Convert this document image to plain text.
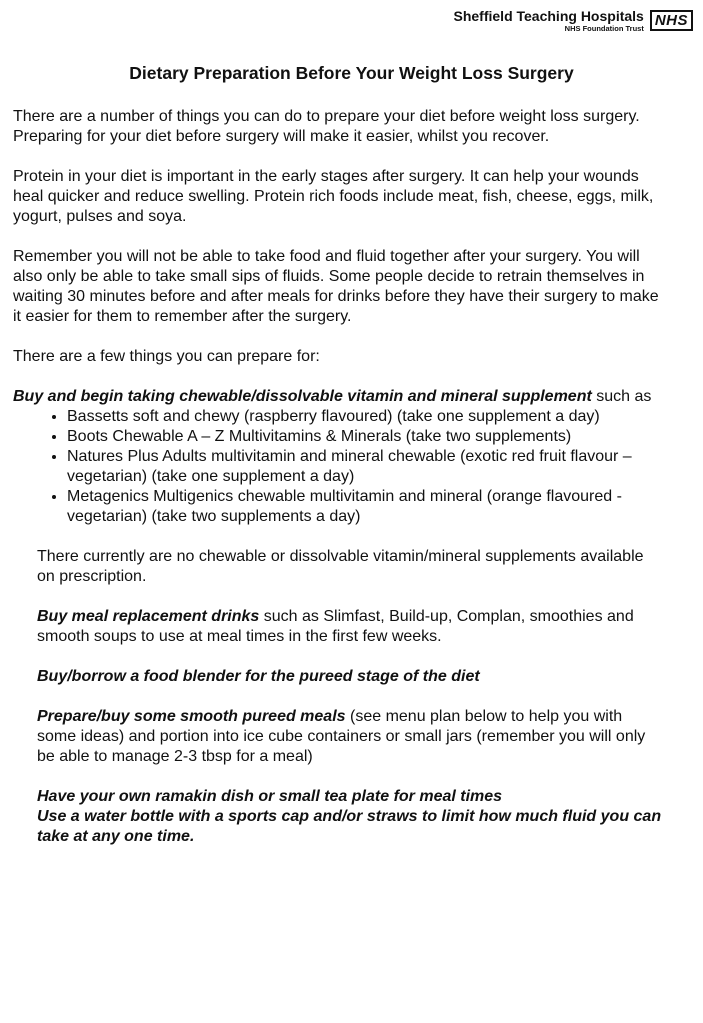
Sheffield Teaching Hospitals
NHS Foundation Trust NHS
Dietary Preparation Before Your Weight Loss Surgery

There are a number of things you can do to prepare your diet before weight loss surgery. Preparing for your diet before surgery will make it easier, whilst you recover.

Protein in your diet is important in the early stages after surgery. It can help your wounds heal quicker and reduce swelling. Protein rich foods include meat, fish, cheese, eggs, milk, yogurt, pulses and soya.

Remember you will not be able to take food and fluid together after your surgery. You will also only be able to take small sips of fluids. Some people decide to retrain themselves in waiting 30 minutes before and after meals for drinks before they have their surgery to make it easier for them to remember after the surgery.

There are a few things you can prepare for:

Buy and begin taking chewable/dissolvable vitamin and mineral supplement such as

• Bassetts soft and chewy (raspberry flavoured) (take one supplement a day)
• Boots Chewable A – Z Multivitamins & Minerals (take two supplements)
• Natures Plus Adults multivitamin and mineral chewable (exotic red fruit flavour – vegetarian) (take one supplement a day)
• Metagenics Multigenics chewable multivitamin and mineral (orange flavoured - vegetarian) (take two supplements a day)

There currently are no chewable or dissolvable vitamin/mineral supplements available on prescription.

Buy meal replacement drinks such as Slimfast, Build-up, Complan, smoothies and smooth soups to use at meal times in the first few weeks.

Buy/borrow a food blender for the pureed stage of the diet

Prepare/buy some smooth pureed meals (see menu plan below to help you with some ideas) and portion into ice cube containers or small jars (remember you will only be able to manage 2-3 tbsp for a meal)

Have your own ramakin dish or small tea plate for meal times

Use a water bottle with a sports cap and/or straws to limit how much fluid you can take at any one time.
